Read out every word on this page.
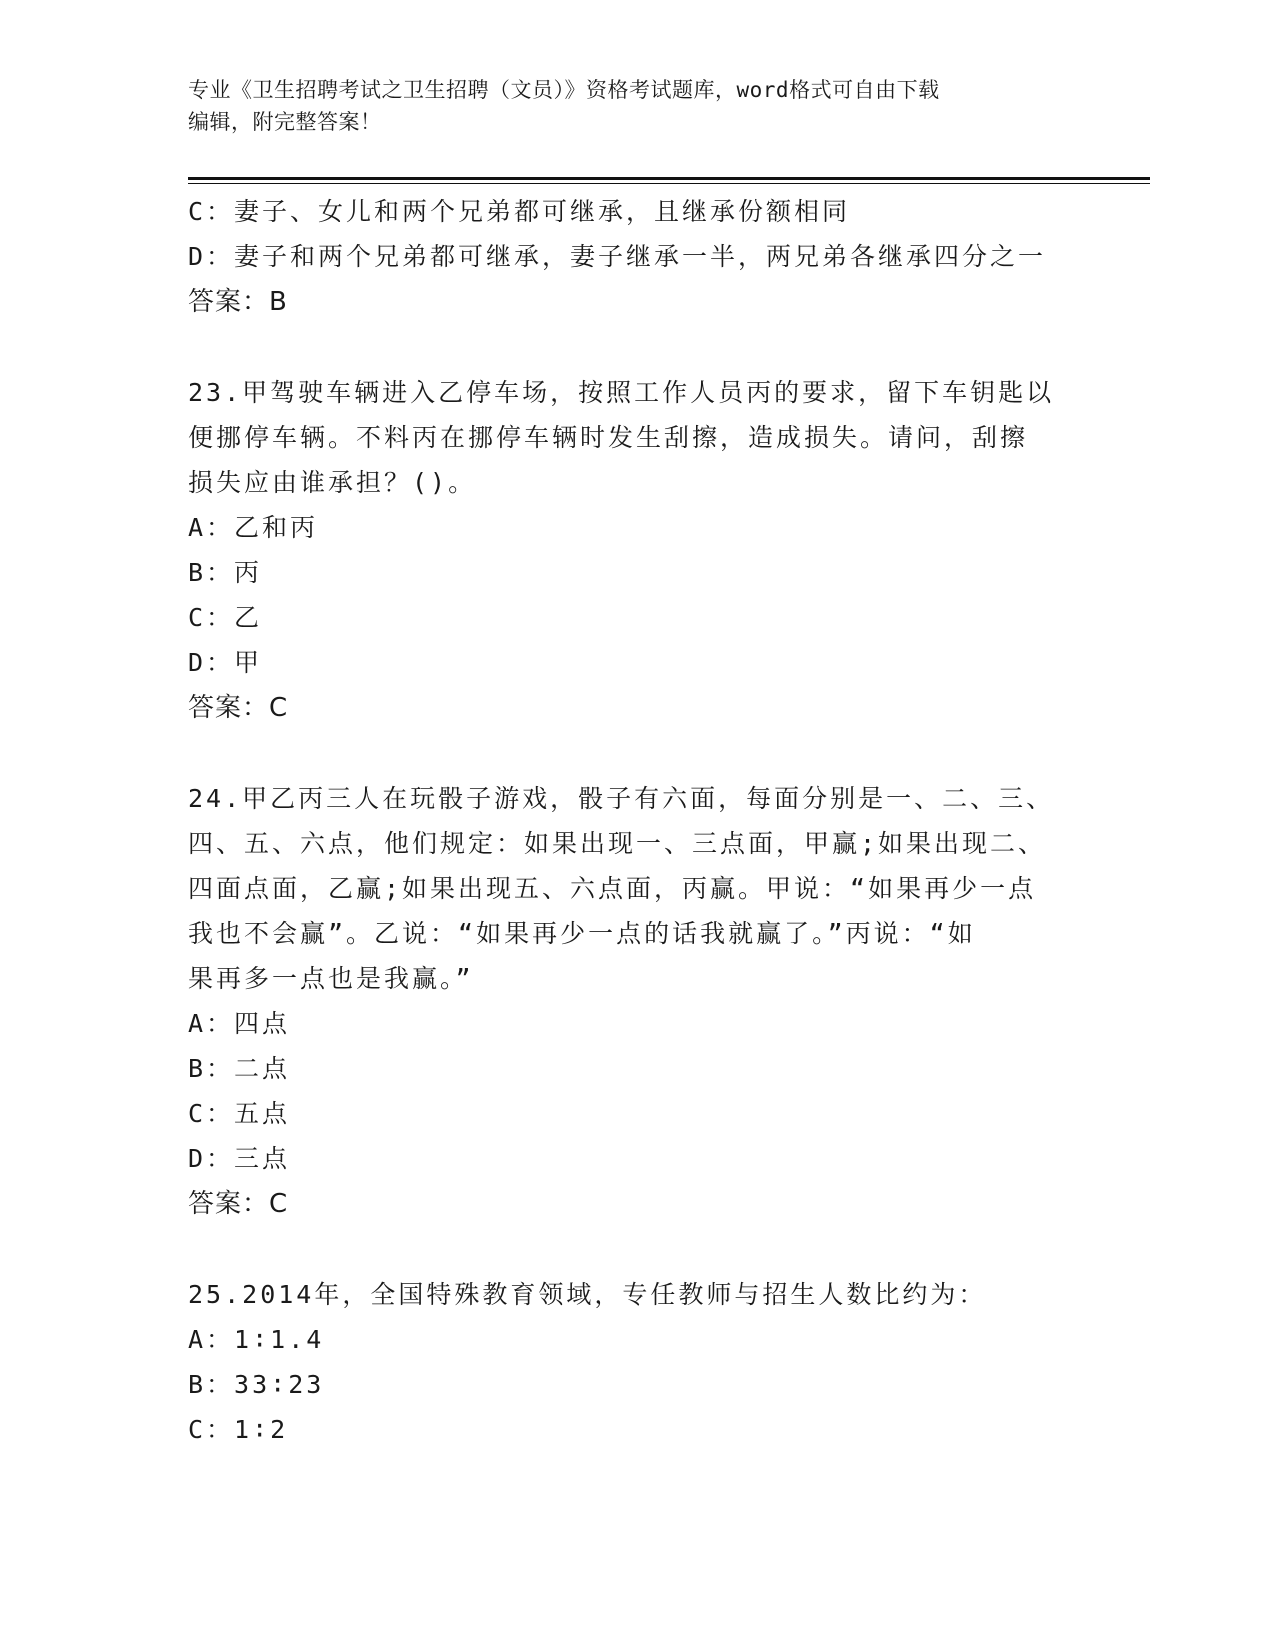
专业《卫生招聘考试之卫生招聘（文员）》资格考试题库，word格式可自由下载
编辑，附完整答案！
C：妻子、女儿和两个兄弟都可继承，且继承份额相同
D：妻子和两个兄弟都可继承，妻子继承一半，两兄弟各继承四分之一
答案：B
23.甲驾驶车辆进入乙停车场，按照工作人员丙的要求，留下车钥匙以
便挪停车辆。不料丙在挪停车辆时发生刮擦，造成损失。请问，刮擦
损失应由谁承担？()。
A：乙和丙
B：丙
C：乙
D：甲
答案：C
24.甲乙丙三人在玩骰子游戏，骰子有六面，每面分别是一、二、三、
四、五、六点，他们规定：如果出现一、三点面，甲赢;如果出现二、
四面点面，乙赢;如果出现五、六点面，丙赢。甲说：“如果再少一点
我也不会赢”。乙说：“如果再少一点的话我就赢了。”丙说：“如
果再多一点也是我赢。”
A：四点
B：二点
C：五点
D：三点
答案：C
25.2014年，全国特殊教育领域，专任教师与招生人数比约为：
A：1∶1.4
B：33∶23
C：1∶2
